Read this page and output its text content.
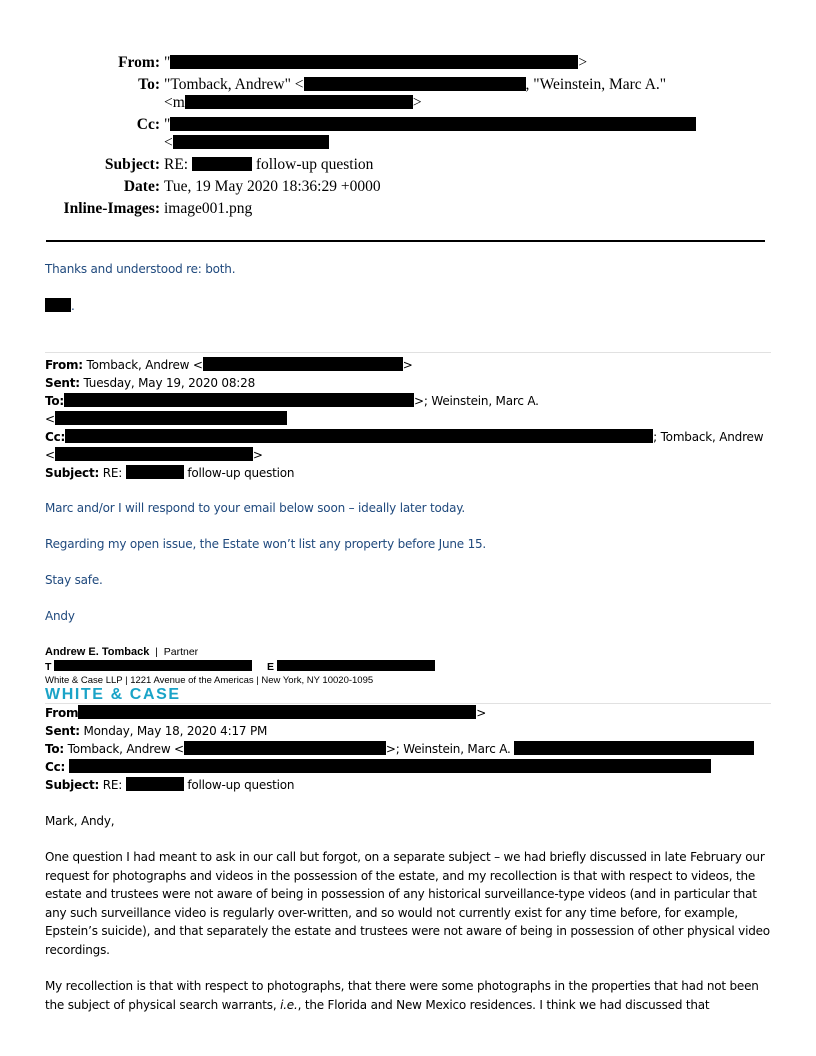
From: "	>
To: "Tomback, Andrew" <	, "Weinstein, Marc A."
<m	>
Cc: "
<
Subject: RE:	follow-up question
Date: Tue, 19 May 2020 18:36:29 +0000
Inline-Images: image001.png
Thanks and understood re: both.
.
From: Tomback, Andrew <	>
Sent: Tuesday, May 19, 2020 08:28
To:	>; Weinstein, Marc A.
<
Cc:	; Tomback, Andrew
<	>
Subject: RE:	follow-up question
Marc and/or I will respond to your email below soon – ideally later today.
Regarding my open issue, the Estate won’t list any property before June 15.
Stay safe.
Andy
Andrew E. Tomback | Partner
T	E
White & Case LLP | 1221 Avenue of the Americas | New York, NY 10020-1095
WHITE & CASE
From	>
Sent: Monday, May 18, 2020 4:17 PM
To: Tomback, Andrew <	>; Weinstein, Marc A.
Cc:
Subject: RE:	follow-up question
Mark, Andy,
One question I had meant to ask in our call but forgot, on a separate subject – we had briefly discussed in late February our request for photographs and videos in the possession of the estate, and my recollection is that with respect to videos, the estate and trustees were not aware of being in possession of any historical surveillance-type videos (and in particular that any such surveillance video is regularly over-written, and so would not currently exist for any time before, for example, Epstein’s suicide), and that separately the estate and trustees were not aware of being in possession of other physical video recordings.
My recollection is that with respect to photographs, that there were some photographs in the properties that had not been the subject of physical search warrants, i.e., the Florida and New Mexico residences. I think we had discussed that
